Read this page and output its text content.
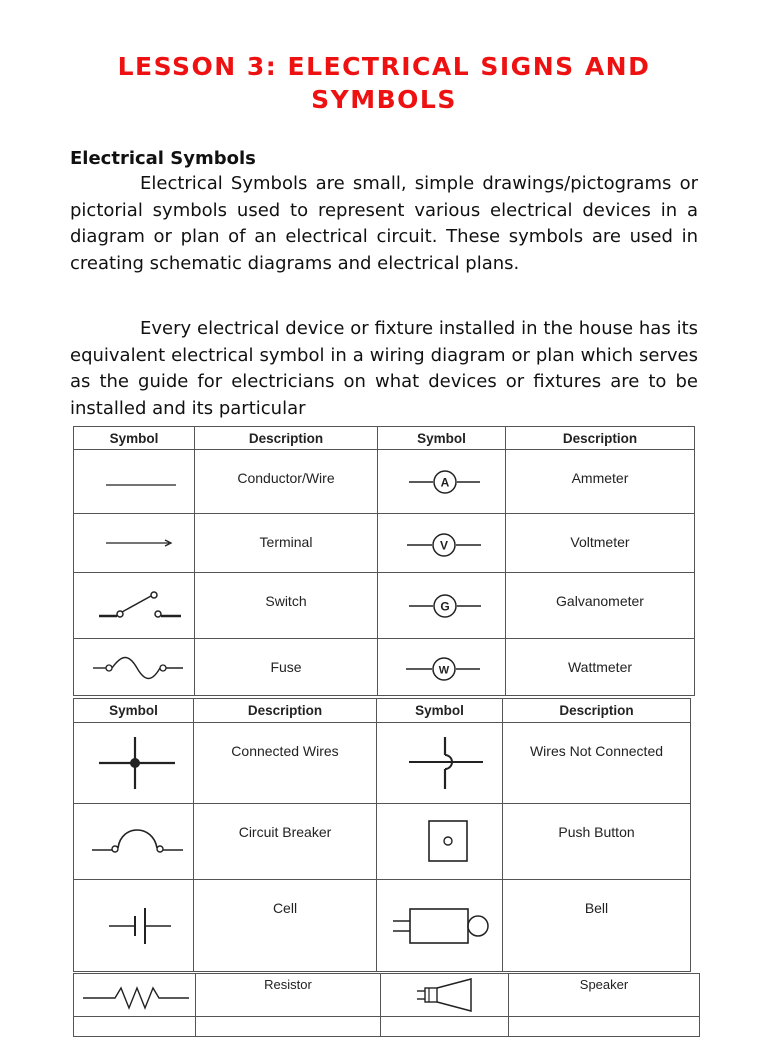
LESSON 3: ELECTRICAL SIGNS AND SYMBOLS
Electrical Symbols

Electrical Symbols are small, simple drawings/pictograms or pictorial symbols used to represent various electrical devices in a diagram or plan of an electrical circuit. These symbols are used in creating schematic diagrams and electrical plans.

Every electrical device or fixture installed in the house has its equivalent electrical symbol in a wiring diagram or plan which serves as the guide for electricians on what devices or fixtures are to be installed and its particular

Symbol	Description	Symbol	Description

	Conductor/Wire	A	Ammeter

	Terminal	V	Voltmeter

	Switch	G	Galvanometer

	Fuse	W	Wattmeter
Symbol	Description	Symbol	Description

	Connected Wires		Wires Not Connected

	Circuit Breaker		Push Button

	Cell		Bell
	Resistor		Speaker
